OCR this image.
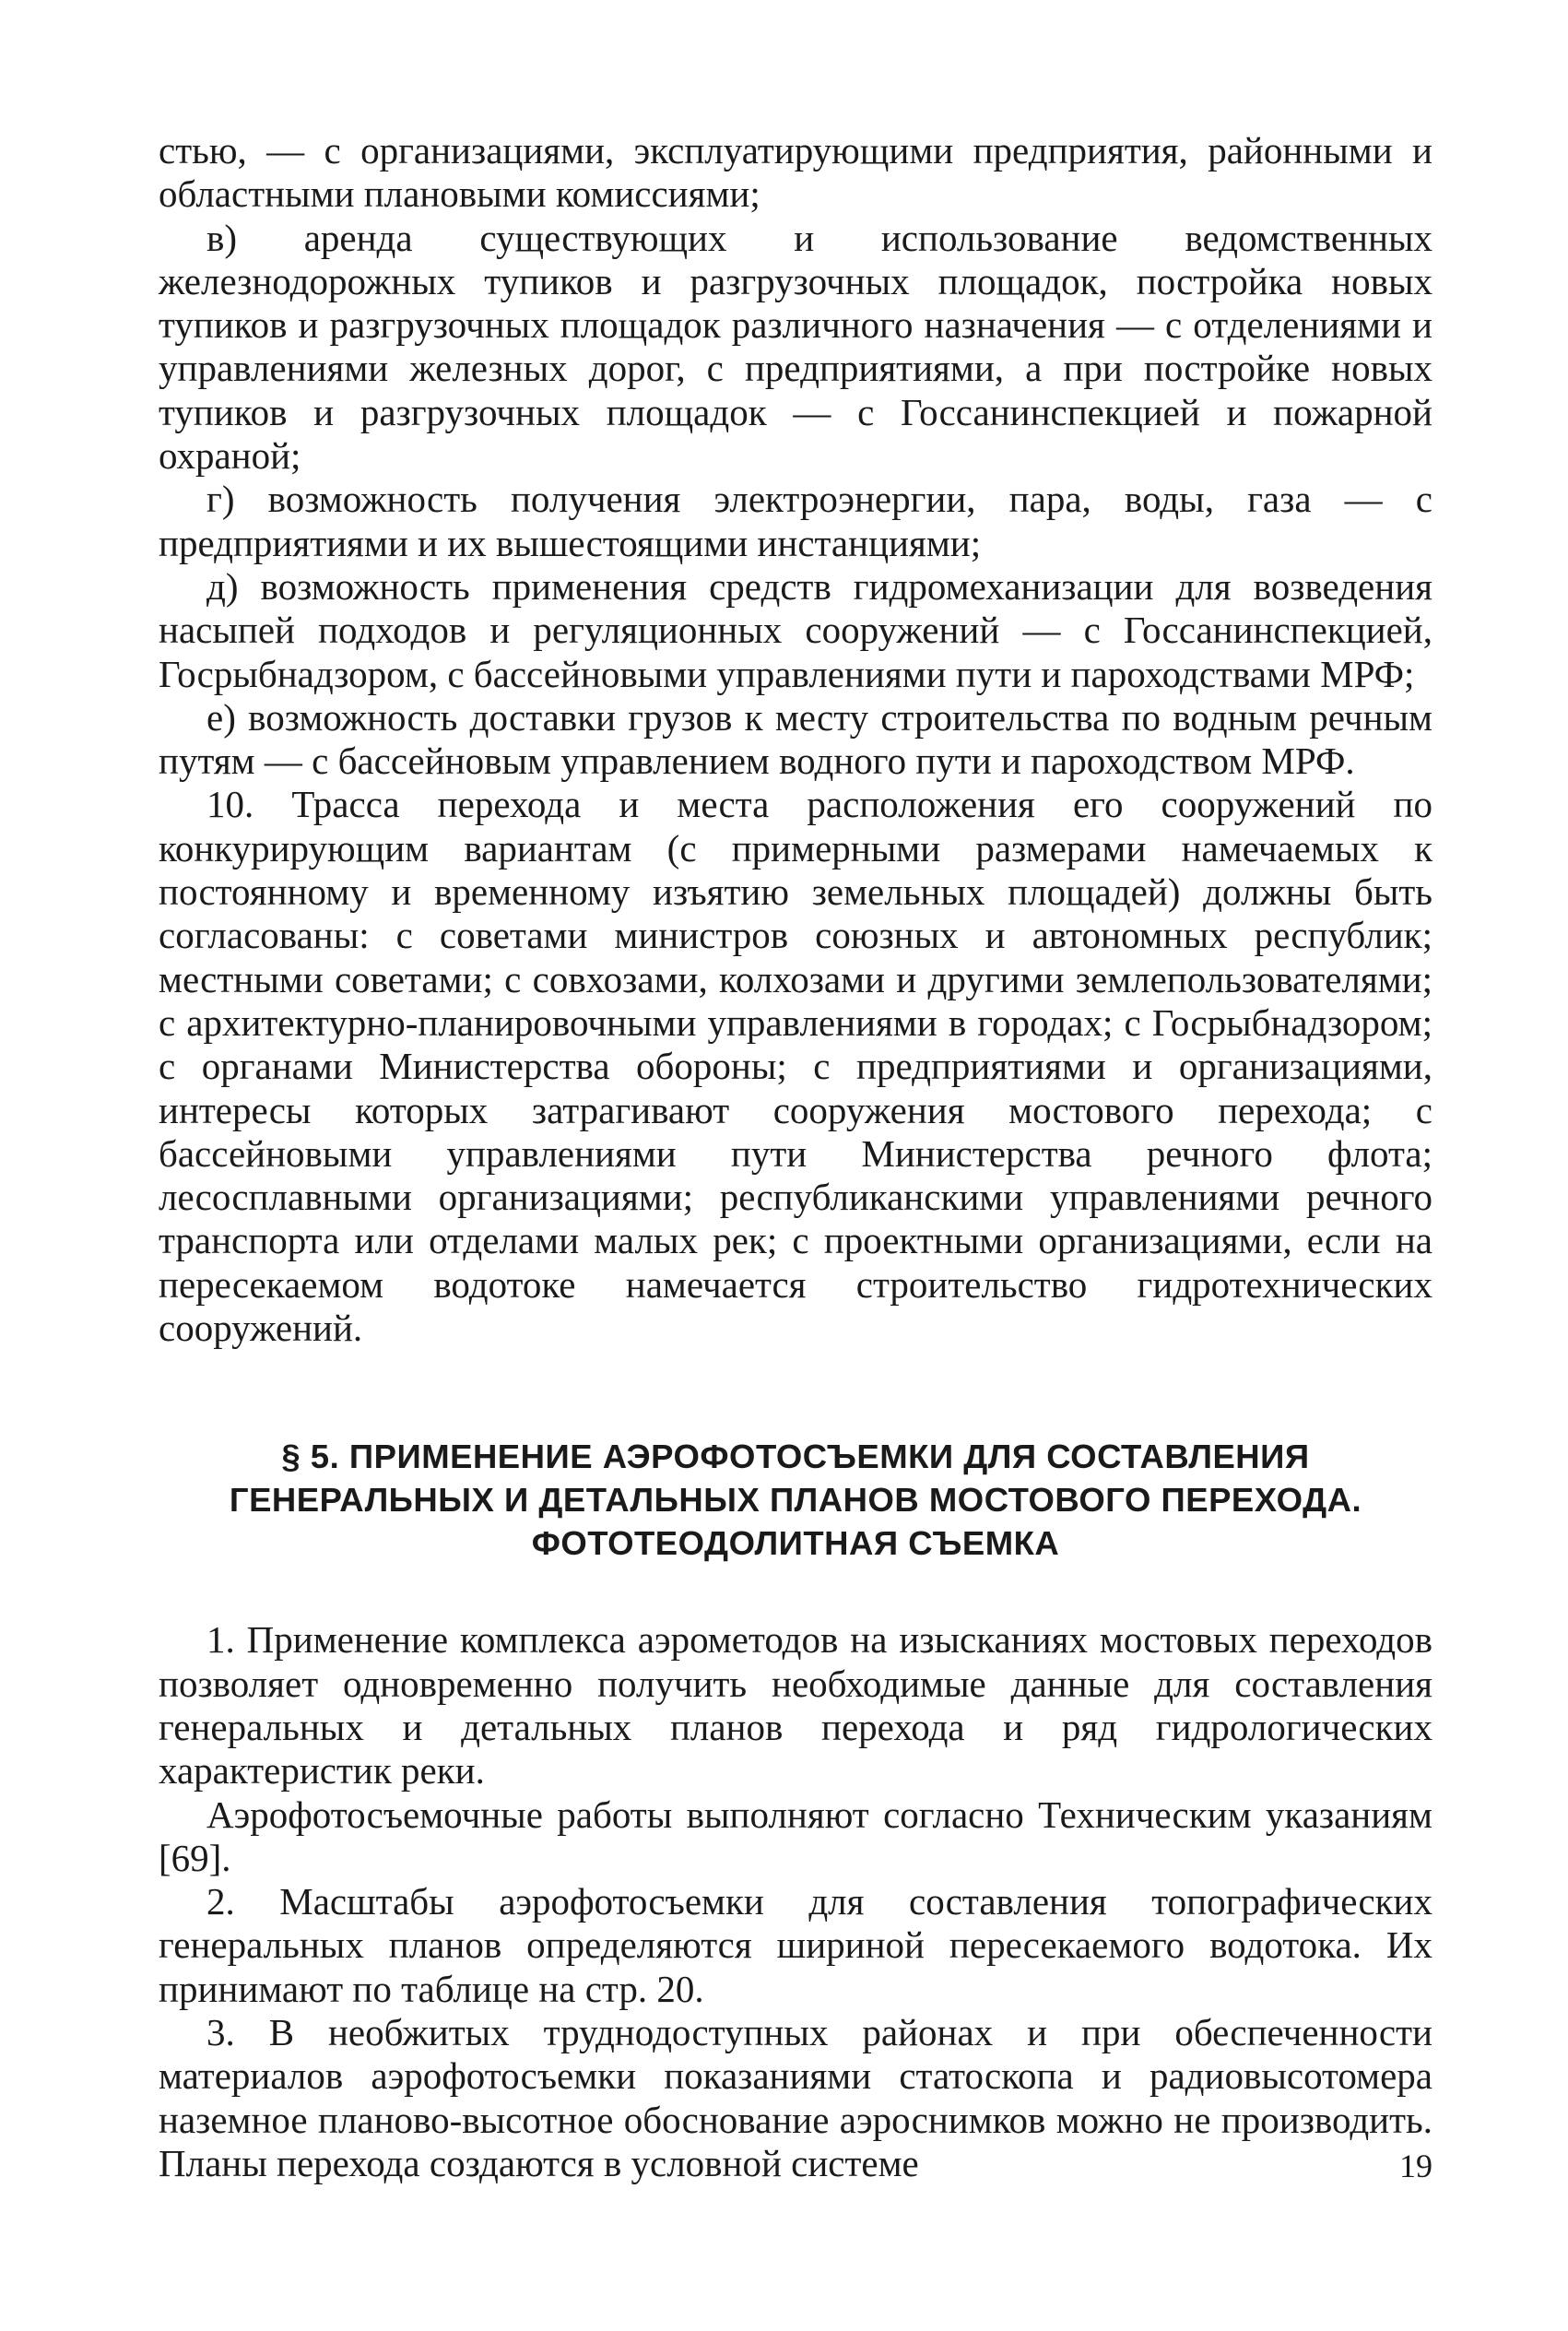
стью, — с организациями, эксплуатирующими предприятия, районными и областными плановыми комиссиями;

в) аренда существующих и использование ведомственных железнодорожных тупиков и разгрузочных площадок, постройка новых тупиков и разгрузочных площадок различного назначения — с отделениями и управлениями железных дорог, с предприятиями, а при постройке новых тупиков и разгрузочных площадок — с Госсанинспекцией и пожарной охраной;

г) возможность получения электроэнергии, пара, воды, газа — с предприятиями и их вышестоящими инстанциями;

д) возможность применения средств гидромеханизации для возведения насыпей подходов и регуляционных сооружений — с Госсанинспекцией, Госрыбнадзором, с бассейновыми управлениями пути и пароходствами МРФ;

е) возможность доставки грузов к месту строительства по водным речным путям — с бассейновым управлением водного пути и пароходством МРФ.

10. Трасса перехода и места расположения его сооружений по конкурирующим вариантам (с примерными размерами намечаемых к постоянному и временному изъятию земельных площадей) должны быть согласованы: с советами министров союзных и автономных республик; местными советами; с совхозами, колхозами и другими землепользователями; с архитектурно-планировочными управлениями в городах; с Госрыбнадзором; с органами Министерства обороны; с предприятиями и организациями, интересы которых затрагивают сооружения мостового перехода; с бассейновыми управлениями пути Министерства речного флота; лесосплавными организациями; республиканскими управлениями речного транспорта или отделами малых рек; с проектными организациями, если на пересекаемом водотоке намечается строительство гидротехнических сооружений.

§ 5. ПРИМЕНЕНИЕ АЭРОФОТОСЪЕМКИ ДЛЯ СОСТАВЛЕНИЯ
ГЕНЕРАЛЬНЫХ И ДЕТАЛЬНЫХ ПЛАНОВ МОСТОВОГО ПЕРЕХОДА.
ФОТОТЕОДОЛИТНАЯ СЪЕМКА

1. Применение комплекса аэрометодов на изысканиях мостовых переходов позволяет одновременно получить необходимые данные для составления генеральных и детальных планов перехода и ряд гидрологических характеристик реки.

Аэрофотосъемочные работы выполняют согласно Техническим указаниям [69].

2. Масштабы аэрофотосъемки для составления топографических генеральных планов определяются шириной пересекаемого водотока. Их принимают по таблице на стр. 20.

3. В необжитых труднодоступных районах и при обеспеченности материалов аэрофотосъемки показаниями статоскопа и радиовысотомера наземное планово-высотное обоснование аэроснимков можно не производить. Планы перехода создаются в условной системе	19
